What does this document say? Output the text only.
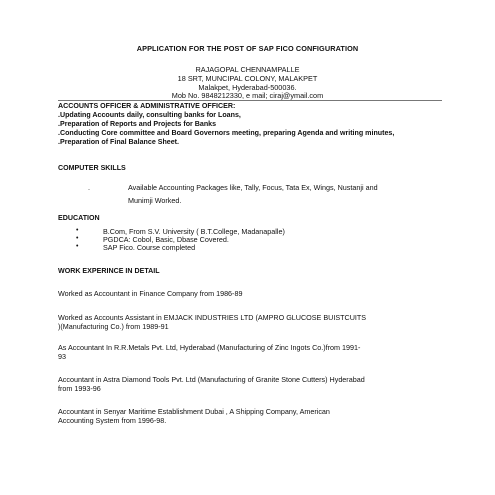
APPLICATION FOR THE POST OF SAP FICO CONFIGURATION
RAJAGOPAL CHENNAMPALLE
18 SRT, MUNCIPAL COLONY, MALAKPET
Malakpet, Hyderabad-500036.
Mob No. 9848212330, e mail; ciraj@ymail.com
ACCOUNTS OFFICER & ADMINISTRATIVE OFFICER:
.Updating Accounts daily, consulting banks for Loans,
.Preparation of Reports and Projects for Banks
.Conducting Core committee and Board Governors meeting, preparing Agenda and writing minutes,
.Preparation of Final Balance Sheet.
COMPUTER SKILLS
.	Available Accounting Packages like, Tally, Focus, Tata Ex, Wings, Nustanji and
Munimji Worked.
EDUCATION
•	B.Com, From S.V. University ( B.T.College, Madanapalle)
•	PGDCA: Cobol, Basic, Dbase Covered.
•	SAP Fico. Course completed
WORK EXPERINCE IN DETAIL
Worked as Accountant in Finance Company from 1986-89
Worked as Accounts Assistant in EMJACK INDUSTRIES LTD (AMPRO GLUCOSE BUISTCUITS
)(Manufacturing Co.) from 1989-91
As Accountant In R.R.Metals Pvt. Ltd, Hyderabad (Manufacturing of Zinc Ingots Co.)from 1991-
93
Accountant in Astra Diamond Tools Pvt. Ltd (Manufacturing of Granite Stone Cutters) Hyderabad
from 1993-96
Accountant in Senyar Maritime Establishment Dubai , A Shipping Company, American
Accounting System from 1996-98.
